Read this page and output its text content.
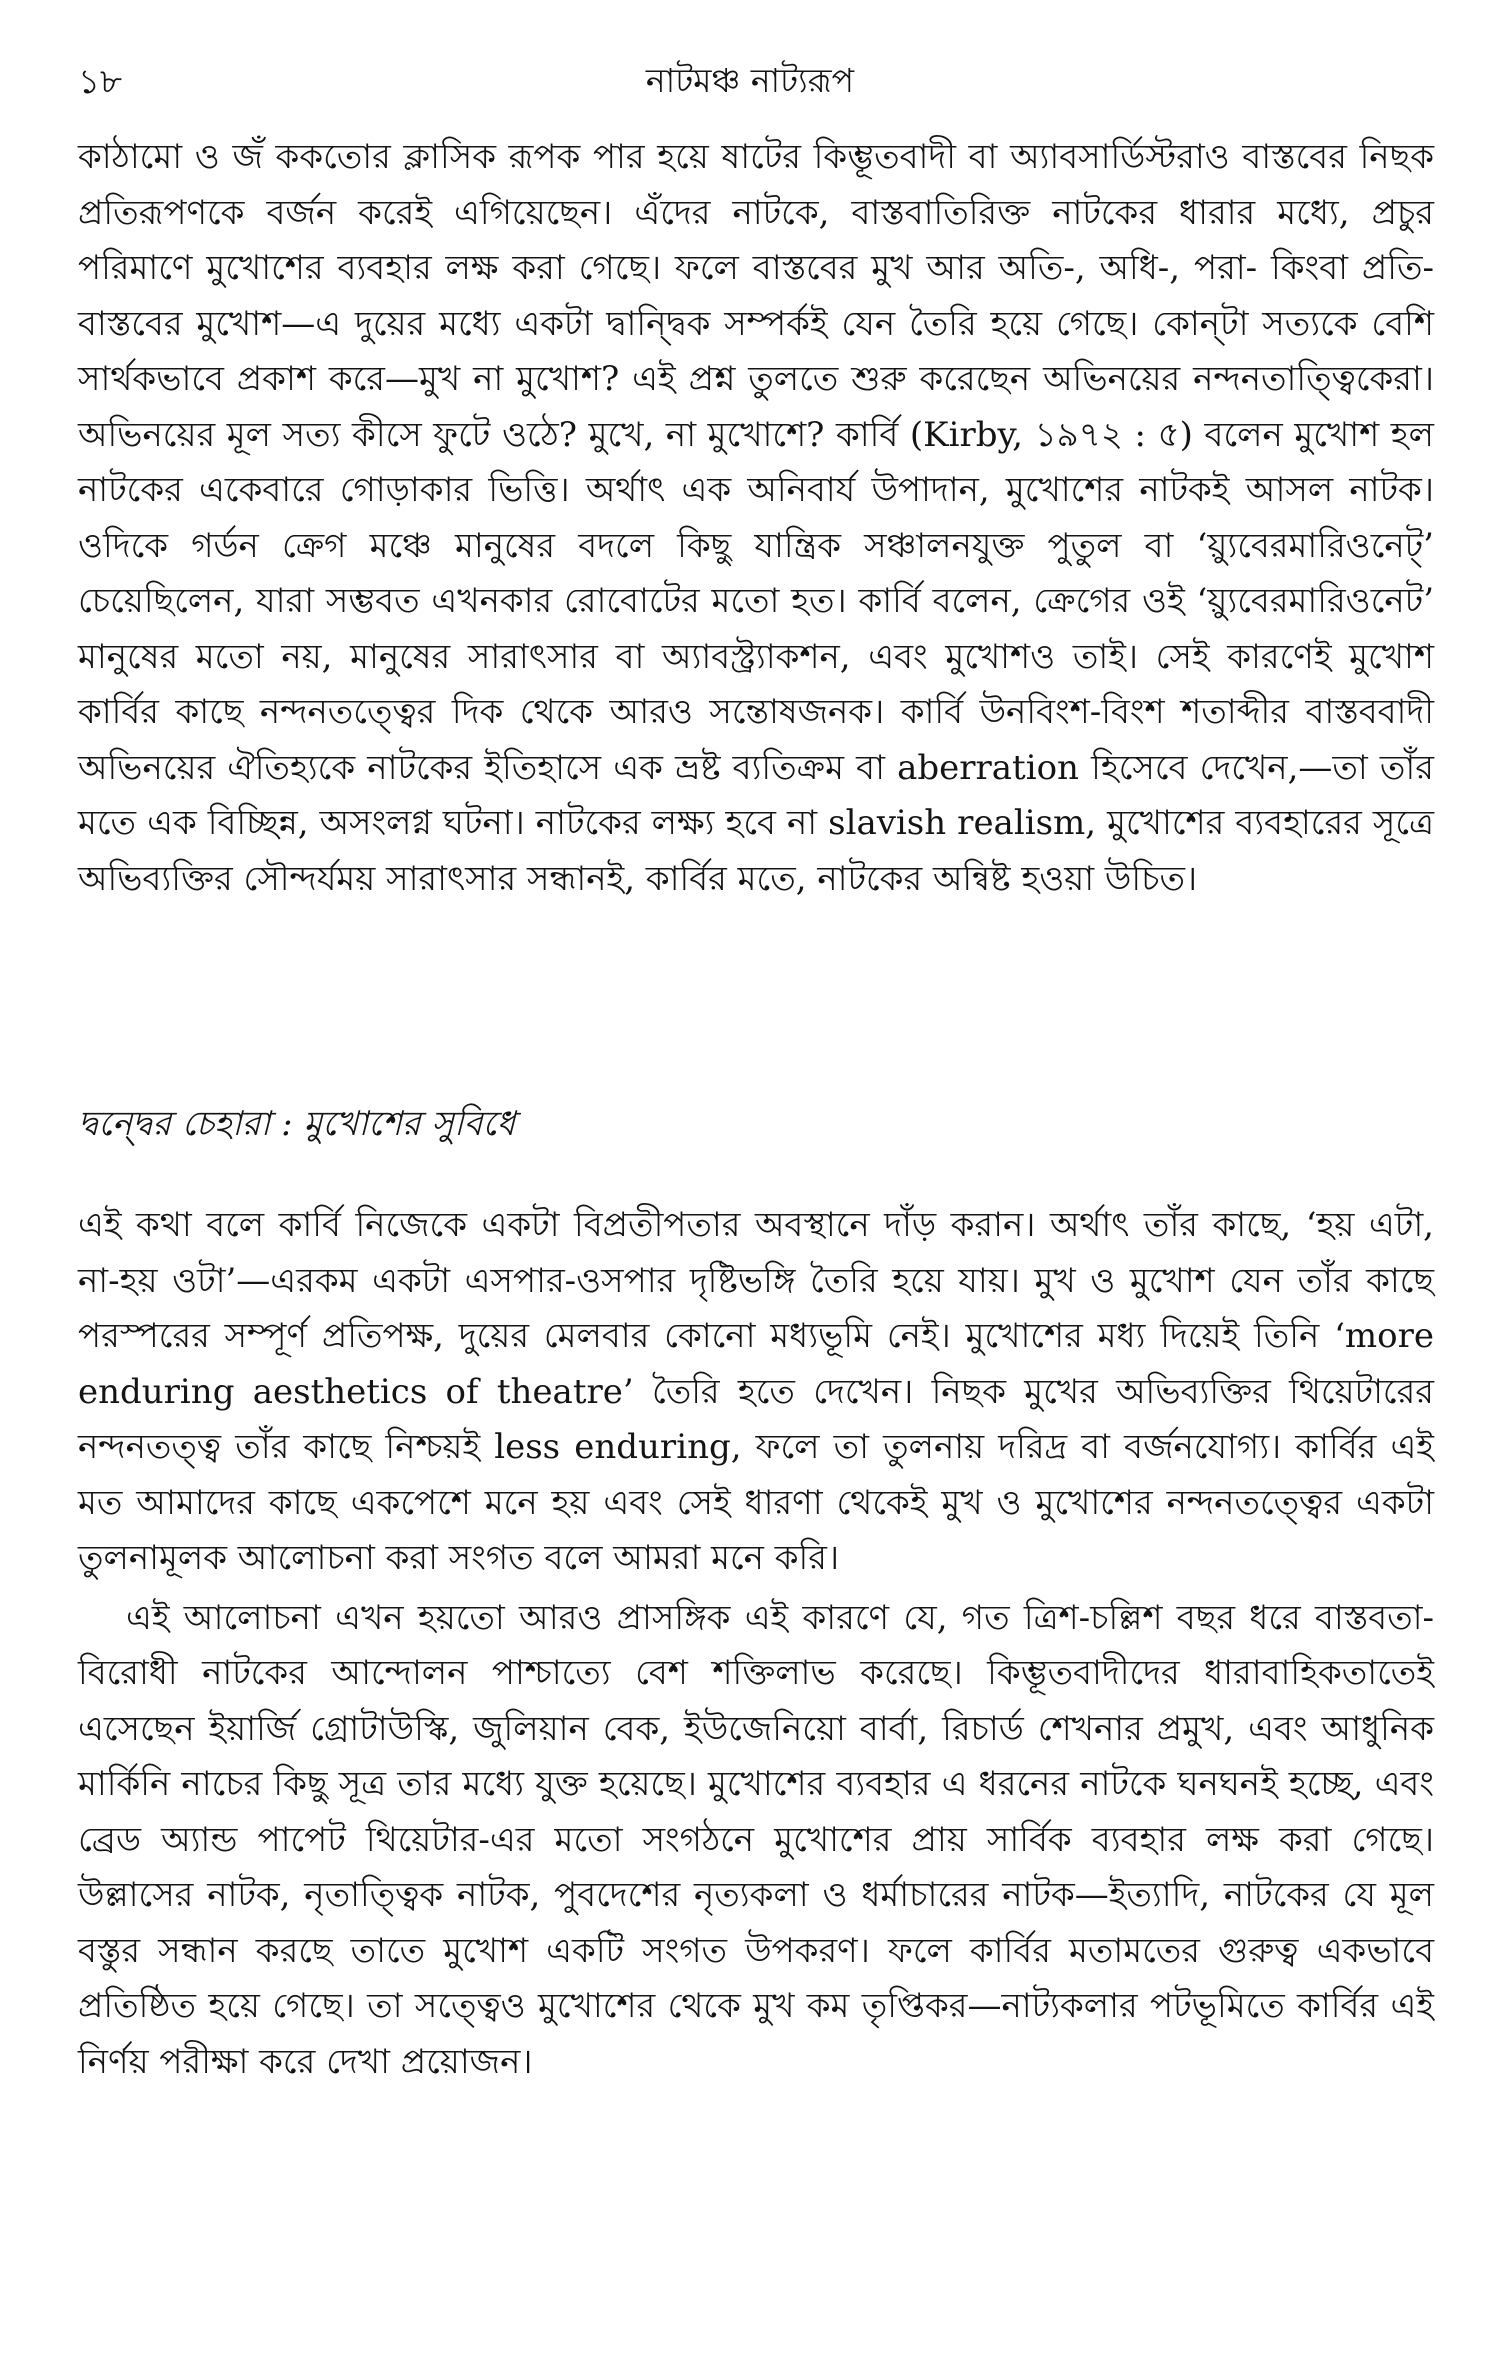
১৮	নাটমঞ্চ নাট্যরূপ

কাঠামো ও জঁ ককতোর ক্লাসিক রূপক পার হয়ে ষাটের কিম্ভূতবাদী বা অ্যাবসার্ডিস্টরাও বাস্তবের নিছক প্রতিরূপণকে বর্জন করেই এগিয়েছেন। এঁদের নাটকে, বাস্তবাতিরিক্ত নাটকের ধারার মধ্যে, প্রচুর পরিমাণে মুখোশের ব্যবহার লক্ষ করা গেছে। ফলে বাস্তবের মুখ আর অতি-, অধি-, পরা- কিংবা প্রতি- বাস্তবের মুখোশ—এ দুয়ের মধ্যে একটা দ্বান্দ্বিক সম্পর্কই যেন তৈরি হয়ে গেছে। কোন্‌টা সত্যকে বেশি সার্থকভাবে প্রকাশ করে—মুখ না মুখোশ? এই প্রশ্ন তুলতে শুরু করেছেন অভিনয়ের নন্দনতাত্ত্বিকেরা। অভিনয়ের মূল সত্য কীসে ফুটে ওঠে? মুখে, না মুখোশে? কার্বি (Kirby, ১৯৭২ : ৫) বলেন মুখোশ হল নাটকের একেবারে গোড়াকার ভিত্তি। অর্থাৎ এক অনিবার্য উপাদান, মুখোশের নাটকই আসল নাটক। ওদিকে গর্ডন ক্রেগ মঞ্চে মানুষের বদলে কিছু যান্ত্রিক সঞ্চালনযুক্ত পুতুল বা ‘য়্যুবেরমারিওনেট্’ চেয়েছিলেন, যারা সম্ভবত এখনকার রোবোটের মতো হত। কার্বি বলেন, ক্রেগের ওই ‘য়্যুবেরমারিওনেট’ মানুষের মতো নয়, মানুষের সারাৎসার বা অ্যাবস্ট্র্যাকশন, এবং মুখোশও তাই। সেই কারণেই মুখোশ কার্বির কাছে নন্দনতত্ত্বের দিক থেকে আরও সন্তোষজনক। কার্বি উনবিংশ-বিংশ শতাব্দীর বাস্তববাদী অভিনয়ের ঐতিহ্যকে নাটকের ইতিহাসে এক ভ্রষ্ট ব্যতিক্রম বা aberration হিসেবে দেখেন,—তা তাঁর মতে এক বিচ্ছিন্ন, অসংলগ্ন ঘটনা। নাটকের লক্ষ্য হবে না slavish realism, মুখোশের ব্যবহারের সূত্রে অভিব্যক্তির সৌন্দর্যময় সারাৎসার সন্ধানই, কার্বির মতে, নাটকের অন্বিষ্ট হওয়া উচিত।

দ্বন্দ্বের চেহারা : মুখোশের সুবিধে

এই কথা বলে কার্বি নিজেকে একটা বিপ্রতীপতার অবস্থানে দাঁড় করান। অর্থাৎ তাঁর কাছে, ‘হয় এটা, না-হয় ওটা’—এরকম একটা এসপার-ওসপার দৃষ্টিভঙ্গি তৈরি হয়ে যায়। মুখ ও মুখোশ যেন তাঁর কাছে পরস্পরের সম্পূর্ণ প্রতিপক্ষ, দুয়ের মেলবার কোনো মধ্যভূমি নেই। মুখোশের মধ্য দিয়েই তিনি ‘more enduring aesthetics of theatre’ তৈরি হতে দেখেন। নিছক মুখের অভিব্যক্তির থিয়েটারের নন্দনতত্ত্ব তাঁর কাছে নিশ্চয়ই less enduring, ফলে তা তুলনায় দরিদ্র বা বর্জনযোগ্য। কার্বির এই মত আমাদের কাছে একপেশে মনে হয় এবং সেই ধারণা থেকেই মুখ ও মুখোশের নন্দনতত্ত্বের একটা তুলনামূলক আলোচনা করা সংগত বলে আমরা মনে করি।

এই আলোচনা এখন হয়তো আরও প্রাসঙ্গিক এই কারণে যে, গত ত্রিশ-চল্লিশ বছর ধরে বাস্তবতা-বিরোধী নাটকের আন্দোলন পাশ্চাত্যে বেশ শক্তিলাভ করেছে। কিম্ভূতবাদীদের ধারাবাহিকতাতেই এসেছেন ইয়ার্জি গ্রোটাউস্কি, জুলিয়ান বেক, ইউজেনিয়ো বার্বা, রিচার্ড শেখনার প্রমুখ, এবং আধুনিক মার্কিনি নাচের কিছু সূত্র তার মধ্যে যুক্ত হয়েছে। মুখোশের ব্যবহার এ ধরনের নাটকে ঘনঘনই হচ্ছে, এবং ব্রেড অ্যান্ড পাপেট থিয়েটার-এর মতো সংগঠনে মুখোশের প্রায় সার্বিক ব্যবহার লক্ষ করা গেছে। উল্লাসের নাটক, নৃতাত্ত্বিক নাটক, পুবদেশের নৃত্যকলা ও ধর্মাচারের নাটক—ইত্যাদি, নাটকের যে মূল বস্তুর সন্ধান করছে তাতে মুখোশ একটি সংগত উপকরণ। ফলে কার্বির মতামতের গুরুত্ব একভাবে প্রতিষ্ঠিত হয়ে গেছে। তা সত্ত্বেও মুখোশের থেকে মুখ কম তৃপ্তিকর—নাট্যকলার পটভূমিতে কার্বির এই নির্ণয় পরীক্ষা করে দেখা প্রয়োজন।
